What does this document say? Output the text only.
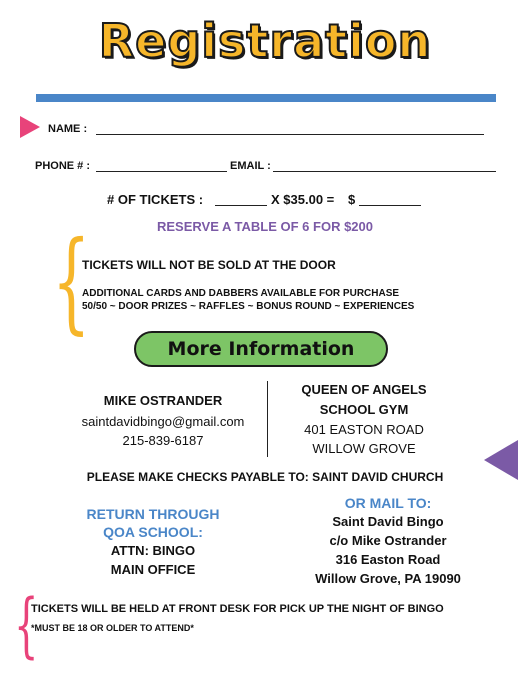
Registration
NAME :
PHONE # :	EMAIL :
# OF TICKETS :	X $35.00 = $
RESERVE A TABLE OF 6 FOR $200
{
TICKETS WILL NOT BE SOLD AT THE DOOR
ADDITIONAL CARDS AND DABBERS AVAILABLE FOR PURCHASE
50/50 ~ DOOR PRIZES ~ RAFFLES ~ BONUS ROUND ~ EXPERIENCES
More Information
MIKE OSTRANDER
saintdavidbingo@gmail.com
215-839-6187
QUEEN OF ANGELS
SCHOOL GYM
401 EASTON ROAD
WILLOW GROVE
PLEASE MAKE CHECKS PAYABLE TO: SAINT DAVID CHURCH
RETURN THROUGH
QOA SCHOOL:
ATTN: BINGO
MAIN OFFICE
OR MAIL TO:
Saint David Bingo
c/o Mike Ostrander
316 Easton Road
Willow Grove, PA 19090
{
TICKETS WILL BE HELD AT FRONT DESK FOR PICK UP THE NIGHT OF BINGO
*MUST BE 18 OR OLDER TO ATTEND*
